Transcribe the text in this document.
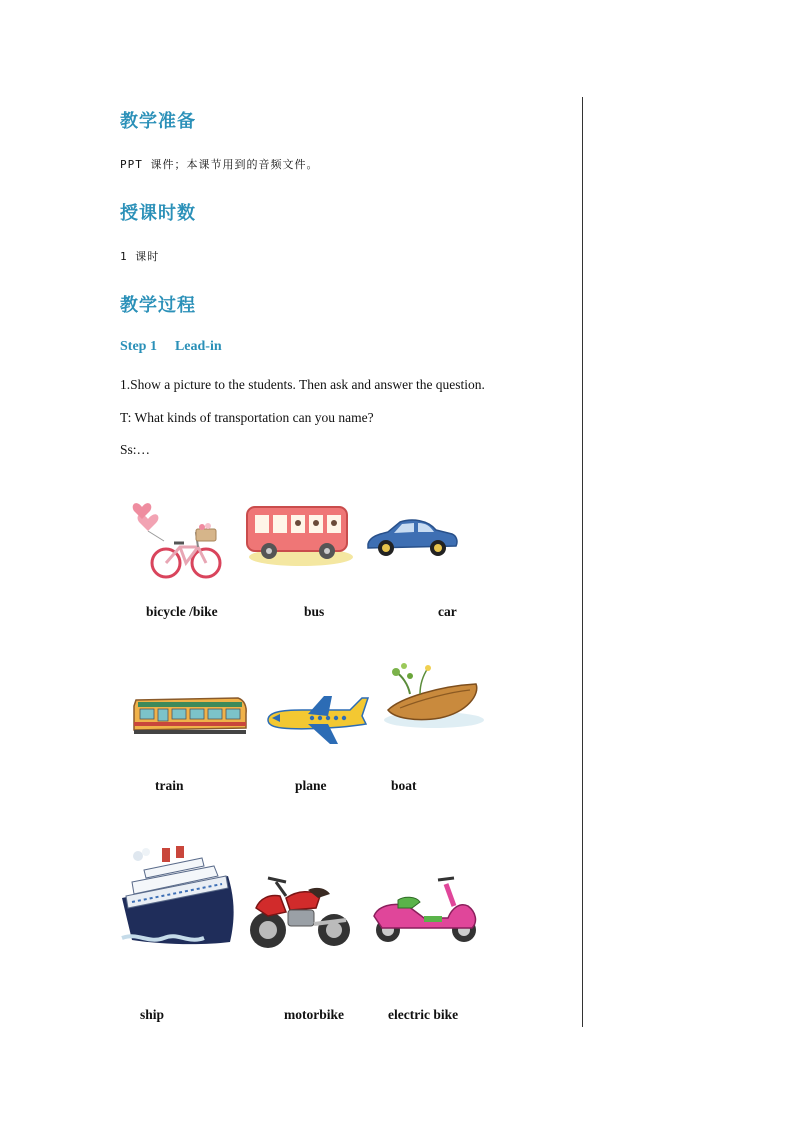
教学准备
PPT 课件；本课节用到的音频文件。
授课时数
1 课时
教学过程
Step 1 Lead-in
1.Show a picture to the students. Then ask and answer the question.
T: What kinds of transportation can you name?
Ss:…
bicycle /bike	bus	car
train	plane	boat
ship	motorbike	electric bike
